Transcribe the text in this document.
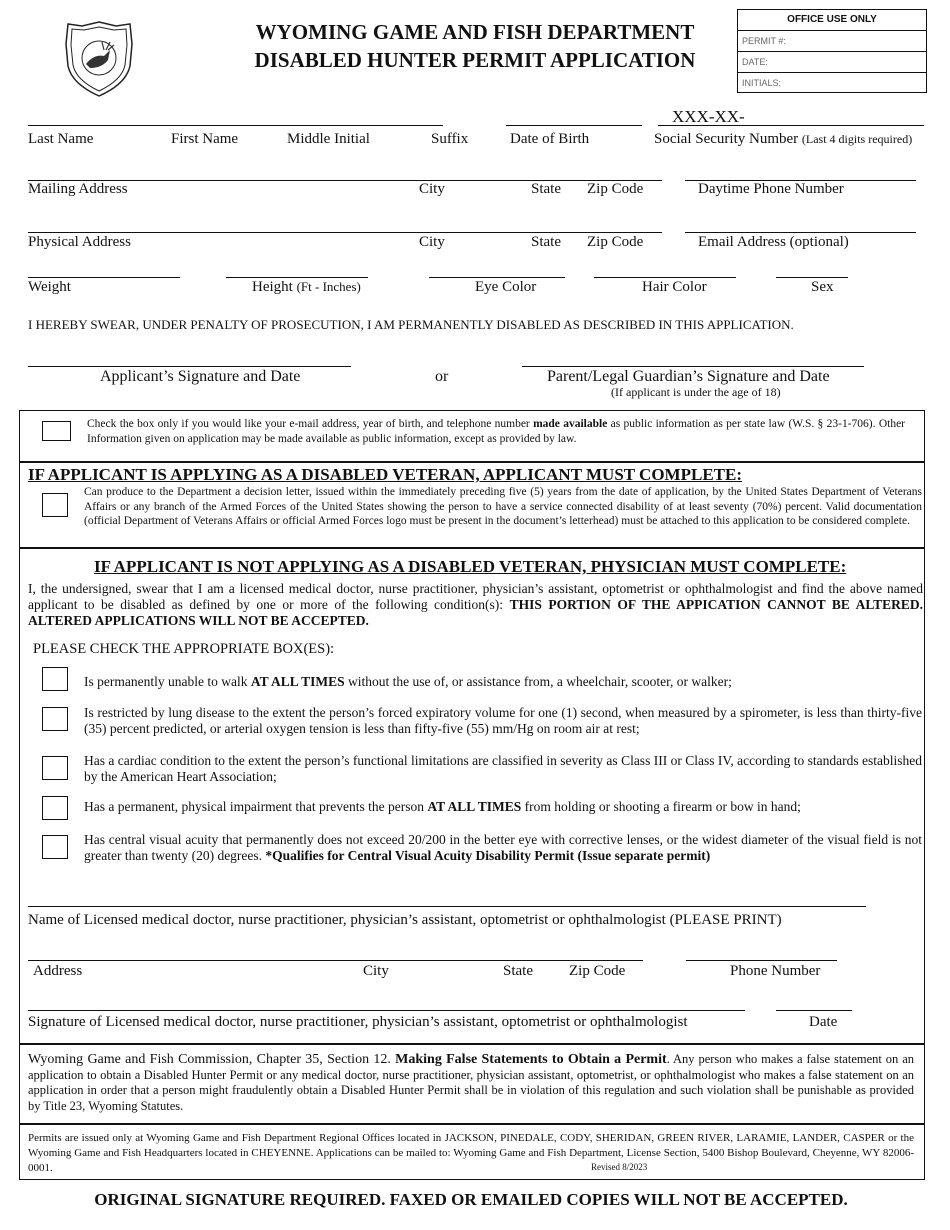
WYOMING GAME AND FISH DEPARTMENT
DISABLED HUNTER PERMIT APPLICATION
OFFICE USE ONLY
PERMIT #:
DATE:
INITIALS:
XXX-XX-
Last Name	First Name	Middle Initial	Suffix	Date of Birth	Social Security Number (Last 4 digits required)
Mailing Address	City	State Zip Code	Daytime Phone Number
Physical Address	City	State Zip Code	Email Address (optional)
Weight	Height (Ft - Inches)	Eye Color	Hair Color	Sex
I HEREBY SWEAR, UNDER PENALTY OF PROSECUTION, I AM PERMANENTLY DISABLED AS DESCRIBED IN THIS APPLICATION.
Applicant’s Signature and Date	or	Parent/Legal Guardian’s Signature and Date
(If applicant is under the age of 18)
Check the box only if you would like your e-mail address, year of birth, and telephone number made available as public information as per state law (W.S. § 23-1-706). Other Information given on application may be made available as public information, except as provided by law.
IF APPLICANT IS APPLYING AS A DISABLED VETERAN, APPLICANT MUST COMPLETE:
Can produce to the Department a decision letter, issued within the immediately preceding five (5) years from the date of application, by the United States Department of Veterans Affairs or any branch of the Armed Forces of the United States showing the person to have a service connected disability of at least seventy (70%) percent. Valid documentation (official Department of Veterans Affairs or official Armed Forces logo must be present in the document’s letterhead) must be attached to this application to be considered complete.
IF APPLICANT IS NOT APPLYING AS A DISABLED VETERAN, PHYSICIAN MUST COMPLETE:
I, the undersigned, swear that I am a licensed medical doctor, nurse practitioner, physician’s assistant, optometrist or ophthalmologist and find the above named applicant to be disabled as defined by one or more of the following condition(s): THIS PORTION OF THE APPICATION CANNOT BE ALTERED. ALTERED APPLICATIONS WILL NOT BE ACCEPTED.
PLEASE CHECK THE APPROPRIATE BOX(ES):
Is permanently unable to walk AT ALL TIMES without the use of, or assistance from, a wheelchair, scooter, or walker;
Is restricted by lung disease to the extent the person’s forced expiratory volume for one (1) second, when measured by a spirometer, is less than thirty-five (35) percent predicted, or arterial oxygen tension is less than fifty-five (55) mm/Hg on room air at rest;
Has a cardiac condition to the extent the person’s functional limitations are classified in severity as Class III or Class IV, according to standards established by the American Heart Association;
Has a permanent, physical impairment that prevents the person AT ALL TIMES from holding or shooting a firearm or bow in hand;
Has central visual acuity that permanently does not exceed 20/200 in the better eye with corrective lenses, or the widest diameter of the visual field is not greater than twenty (20) degrees. *Qualifies for Central Visual Acuity Disability Permit (Issue separate permit)
Name of Licensed medical doctor, nurse practitioner, physician’s assistant, optometrist or ophthalmologist (PLEASE PRINT)
Address	City	State Zip Code	Phone Number
Signature of Licensed medical doctor, nurse practitioner, physician’s assistant, optometrist or ophthalmologist	Date
Wyoming Game and Fish Commission, Chapter 35, Section 12. Making False Statements to Obtain a Permit. Any person who makes a false statement on an application to obtain a Disabled Hunter Permit or any medical doctor, nurse practitioner, physician assistant, optometrist, or ophthalmologist who makes a false statement on an application in order that a person might fraudulently obtain a Disabled Hunter Permit shall be in violation of this regulation and such violation shall be punishable as provided by Title 23, Wyoming Statutes.
Permits are issued only at Wyoming Game and Fish Department Regional Offices located in JACKSON, PINEDALE, CODY, SHERIDAN, GREEN RIVER, LARAMIE, LANDER, CASPER or the Wyoming Game and Fish Headquarters located in CHEYENNE. Applications can be mailed to: Wyoming Game and Fish Department, License Section, 5400 Bishop Boulevard, Cheyenne, WY 82006-0001.	Revised 8/2023
ORIGINAL SIGNATURE REQUIRED. FAXED OR EMAILED COPIES WILL NOT BE ACCEPTED.
